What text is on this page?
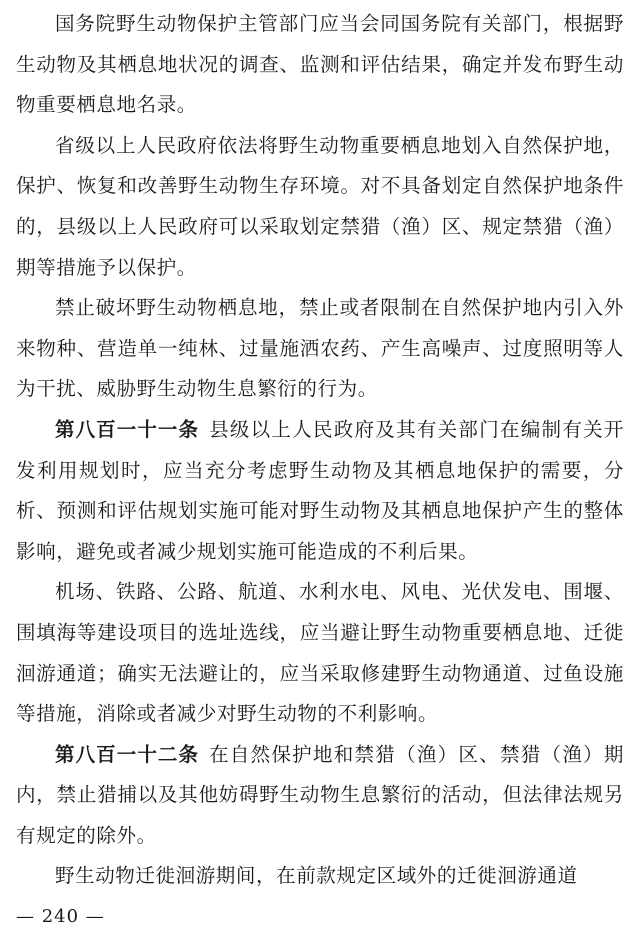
国务院野生动物保护主管部门应当会同国务院有关部门，根据野生动物及其栖息地状况的调查、监测和评估结果，确定并发布野生动物重要栖息地名录。

省级以上人民政府依法将野生动物重要栖息地划入自然保护地，保护、恢复和改善野生动物生存环境。对不具备划定自然保护地条件的，县级以上人民政府可以采取划定禁猎（渔）区、规定禁猎（渔）期等措施予以保护。

禁止破坏野生动物栖息地，禁止或者限制在自然保护地内引入外来物种、营造单一纯林、过量施洒农药、产生高噪声、过度照明等人为干扰、威胁野生动物生息繁衍的行为。

第八百一十一条 县级以上人民政府及其有关部门在编制有关开发利用规划时，应当充分考虑野生动物及其栖息地保护的需要，分析、预测和评估规划实施可能对野生动物及其栖息地保护产生的整体影响，避免或者减少规划实施可能造成的不利后果。

机场、铁路、公路、航道、水利水电、风电、光伏发电、围堰、围填海等建设项目的选址选线，应当避让野生动物重要栖息地、迁徙洄游通道；确实无法避让的，应当采取修建野生动物通道、过鱼设施等措施，消除或者减少对野生动物的不利影响。

第八百一十二条 在自然保护地和禁猎（渔）区、禁猎（渔）期内，禁止猎捕以及其他妨碍野生动物生息繁衍的活动，但法律法规另有规定的除外。

野生动物迁徙洄游期间，在前款规定区域外的迁徙洄游通道

— 240 —
